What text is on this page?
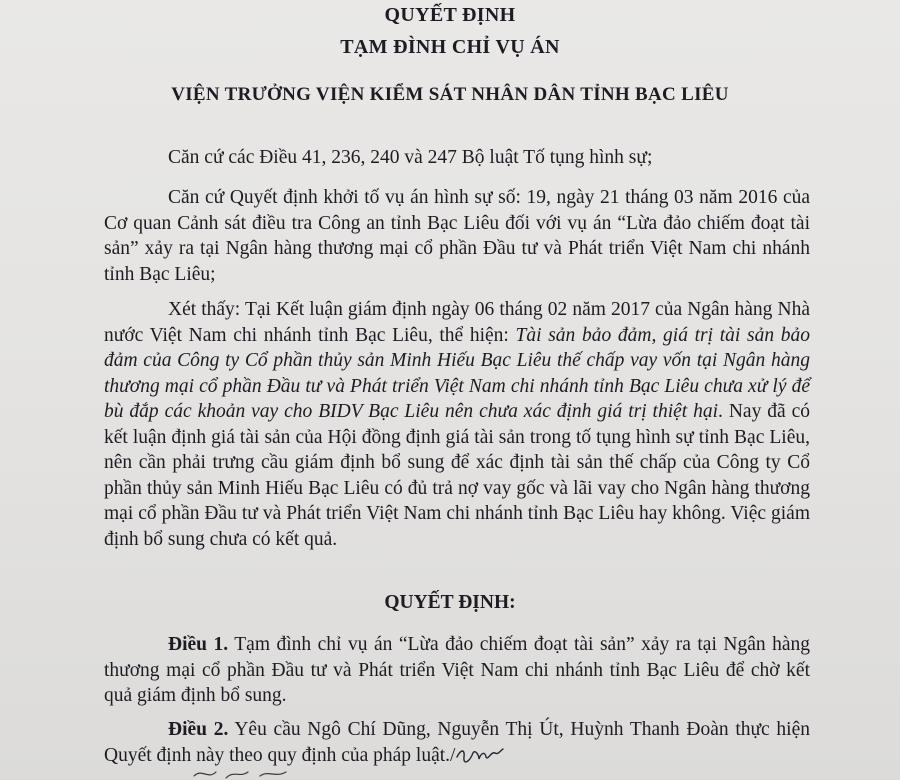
QUYẾT ĐỊNH
TẠM ĐÌNH CHỈ VỤ ÁN
VIỆN TRƯỞNG VIỆN KIỂM SÁT NHÂN DÂN TỈNH BẠC LIÊU

Căn cứ các Điều 41, 236, 240 và 247 Bộ luật Tố tụng hình sự;

Căn cứ Quyết định khởi tố vụ án hình sự số: 19, ngày 21 tháng 03 năm 2016 của Cơ quan Cảnh sát điều tra Công an tỉnh Bạc Liêu đối với vụ án “Lừa đảo chiếm đoạt tài sản” xảy ra tại Ngân hàng thương mại cổ phần Đầu tư và Phát triển Việt Nam chi nhánh tỉnh Bạc Liêu;

Xét thấy: Tại Kết luận giám định ngày 06 tháng 02 năm 2017 của Ngân hàng Nhà nước Việt Nam chi nhánh tỉnh Bạc Liêu, thể hiện: Tài sản bảo đảm, giá trị tài sản bảo đảm của Công ty Cổ phần thủy sản Minh Hiếu Bạc Liêu thế chấp vay vốn tại Ngân hàng thương mại cổ phần Đầu tư và Phát triển Việt Nam chi nhánh tỉnh Bạc Liêu chưa xử lý để bù đắp các khoản vay cho BIDV Bạc Liêu nên chưa xác định giá trị thiệt hại. Nay đã có kết luận định giá tài sản của Hội đồng định giá tài sản trong tố tụng hình sự tỉnh Bạc Liêu, nên cần phải trưng cầu giám định bổ sung để xác định tài sản thế chấp của Công ty Cổ phần thủy sản Minh Hiếu Bạc Liêu có đủ trả nợ vay gốc và lãi vay cho Ngân hàng thương mại cổ phần Đầu tư và Phát triển Việt Nam chi nhánh tỉnh Bạc Liêu hay không. Việc giám định bổ sung chưa có kết quả.

QUYẾT ĐỊNH:

Điều 1. Tạm đình chỉ vụ án “Lừa đảo chiếm đoạt tài sản” xảy ra tại Ngân hàng thương mại cổ phần Đầu tư và Phát triển Việt Nam chi nhánh tỉnh Bạc Liêu để chờ kết quả giám định bổ sung.

Điều 2. Yêu cầu Ngô Chí Dũng, Nguyễn Thị Út, Huỳnh Thanh Đoàn thực hiện Quyết định này theo quy định của pháp luật./
